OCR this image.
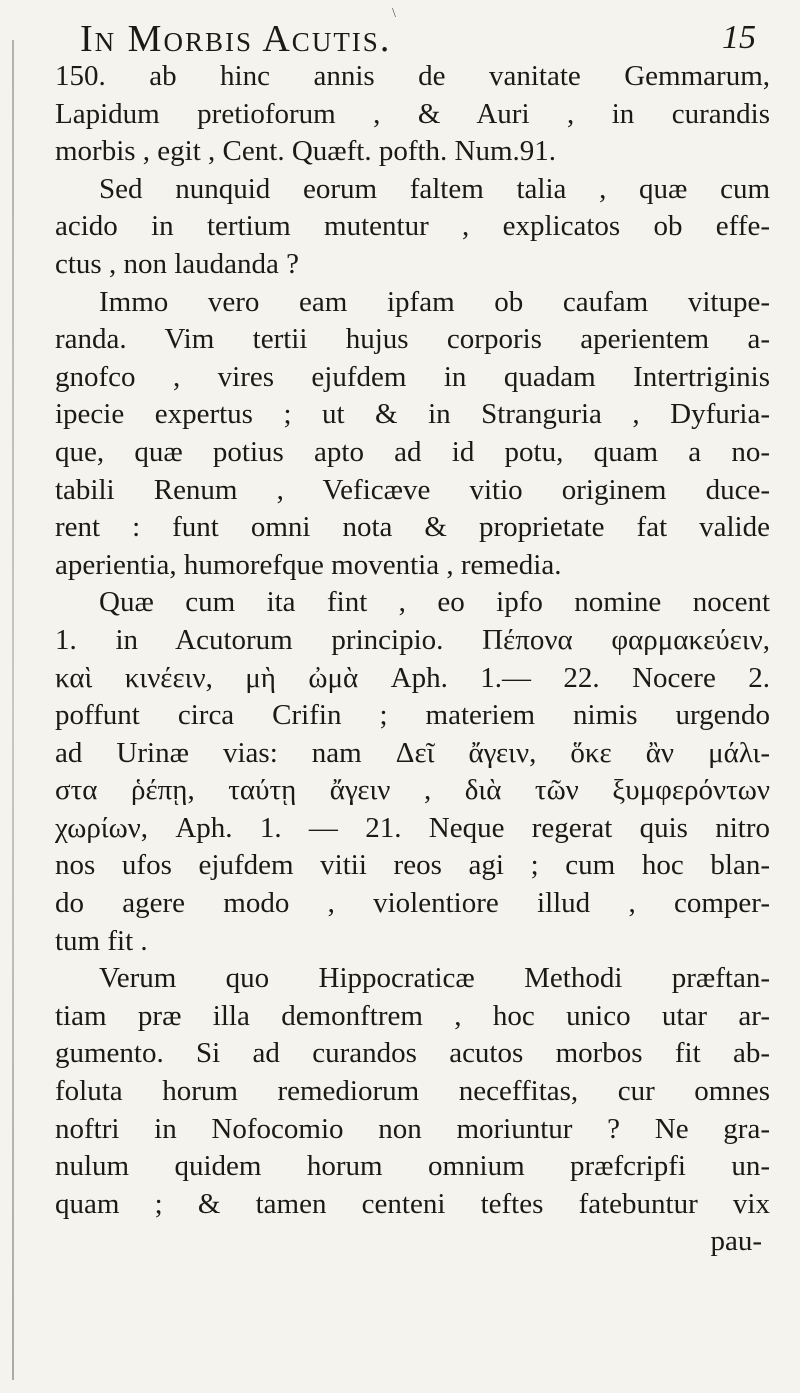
\
In Morbis Acutis.	15
150. ab hinc annis de vanitate Gemmarum,
Lapidum pretioforum , & Auri , in curandis
morbis , egit , Cent. Quæft. pofth. Num.91.
Sed nunquid eorum faltem talia , quæ cum
acido in tertium mutentur , explicatos ob effe-
ctus , non laudanda ?
Immo vero eam ipfam ob caufam vitupe-
randa. Vim tertii hujus corporis aperientem a-
gnofco , vires ejufdem in quadam Intertriginis
ipecie expertus ; ut & in Stranguria , Dyfuria-
que, quæ potius apto ad id potu, quam a no-
tabili Renum , Veficæve vitio originem duce-
rent : funt omni nota & proprietate fat valide
aperientia, humorefque moventia , remedia.
Quæ cum ita fint , eo ipfo nomine nocent
1. in Acutorum principio. Πέπονα φαρμακεύειν,
καὶ κινέειν, μὴ ὠμὰ Aph. 1.— 22. Nocere 2.
poffunt circa Crifin ; materiem nimis urgendo
ad Urinæ vias: nam Δεῖ ἄγειν, ὅκε ἂν μάλι-
στα ῥέπῃ, ταύτῃ ἄγειν , διὰ τῶν ξυμφερόντων
χωρίων, Aph. 1. — 21. Neque regerat quis nitro
nos ufos ejufdem vitii reos agi ; cum hoc blan-
do agere modo , violentiore illud , comper-
tum fit .
Verum quo Hippocraticæ Methodi præftan-
tiam præ illa demonftrem , hoc unico utar ar-
gumento. Si ad curandos acutos morbos fit ab-
foluta horum remediorum neceffitas, cur omnes
noftri in Nofocomio non moriuntur ? Ne gra-
nulum quidem horum omnium præfcripfi un-
quam ; & tamen centeni teftes fatebuntur vix
pau-
